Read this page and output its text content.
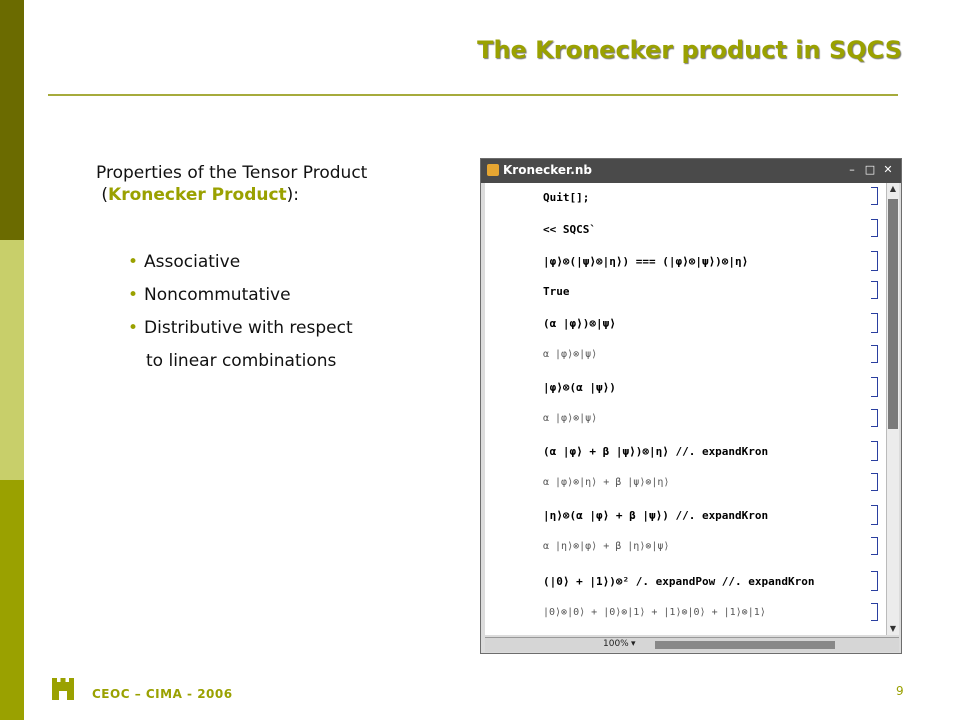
The Kronecker product in SQCS
Properties of the Tensor Product
(Kronecker Product):
• Associative
• Noncommutative
• Distributive with respect
to linear combinations
Kronecker.nb	– □ ✕
Quit[];
<< SQCS`
|φ⟩⊗(|ψ⟩⊗|η⟩) === (|φ⟩⊗|ψ⟩)⊗|η⟩
True
(α |φ⟩)⊗|ψ⟩
α |φ⟩⊗|ψ⟩
|φ⟩⊗(α |ψ⟩)
α |φ⟩⊗|ψ⟩
(α |φ⟩ + β |ψ⟩)⊗|η⟩ //. expandKron
α |φ⟩⊗|η⟩ + β |ψ⟩⊗|η⟩
|η⟩⊗(α |φ⟩ + β |ψ⟩) //. expandKron
α |η⟩⊗|φ⟩ + β |η⟩⊗|ψ⟩
(|0⟩ + |1⟩)⊗² /. expandPow //. expandKron
|0⟩⊗|0⟩ + |0⟩⊗|1⟩ + |1⟩⊗|0⟩ + |1⟩⊗|1⟩
▲
▼
100% ▾
CEOC – CIMA - 2006	9
